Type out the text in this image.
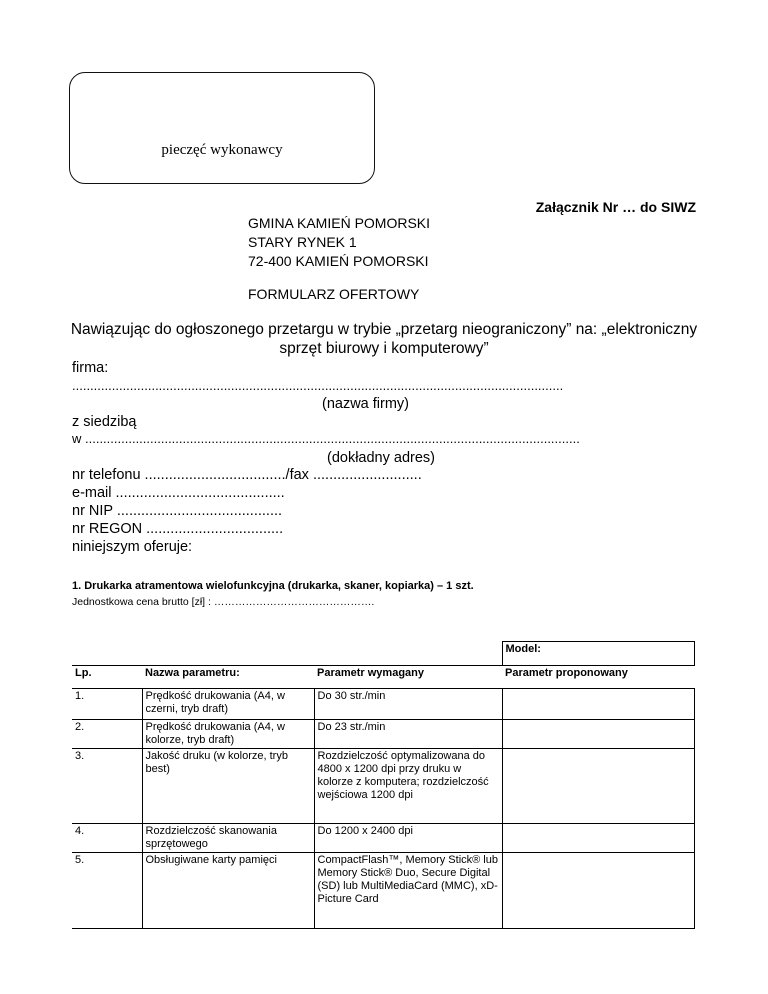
pieczęć wykonawcy
Załącznik Nr … do SIWZ
GMINA KAMIEŃ POMORSKI
STARY RYNEK 1
72-400 KAMIEŃ POMORSKI
FORMULARZ OFERTOWY
Nawiązując do ogłoszonego przetargu w trybie „przetarg nieograniczony” na: „elektroniczny sprzęt biurowy i komputerowy”
firma:
........................................................................................................................................
(nazwa firmy)
z siedzibą
w .........................................................................................................................................
(dokładny adres)
nr telefonu .................................../fax ...........................
e-mail ..........................................
nr NIP .........................................
nr REGON ..................................
niniejszym oferuje:
1. Drukarka atramentowa wielofunkcyjna (drukarka, skaner, kopiarka) – 1 szt.
Jednostkowa cena brutto [zł] : ……………………………………….
			Model:
Lp.	Nazwa parametru:	Parametr wymagany	Parametr proponowany
1.	Prędkość drukowania (A4, w czerni, tryb draft)	Do 30 str./min	
2.	Prędkość drukowania (A4, w kolorze, tryb draft)	Do 23 str./min	
3.	Jakość druku (w kolorze, tryb best)	Rozdzielczość optymalizowana do 4800 x 1200 dpi przy druku w kolorze z komputera; rozdzielczość wejściowa 1200 dpi	
4.	Rozdzielczość skanowania sprzętowego	Do 1200 x 2400 dpi	
5.	Obsługiwane karty pamięci	CompactFlash™, Memory Stick® lub Memory Stick® Duo, Secure Digital (SD) lub MultiMediaCard (MMC), xD-Picture Card	
